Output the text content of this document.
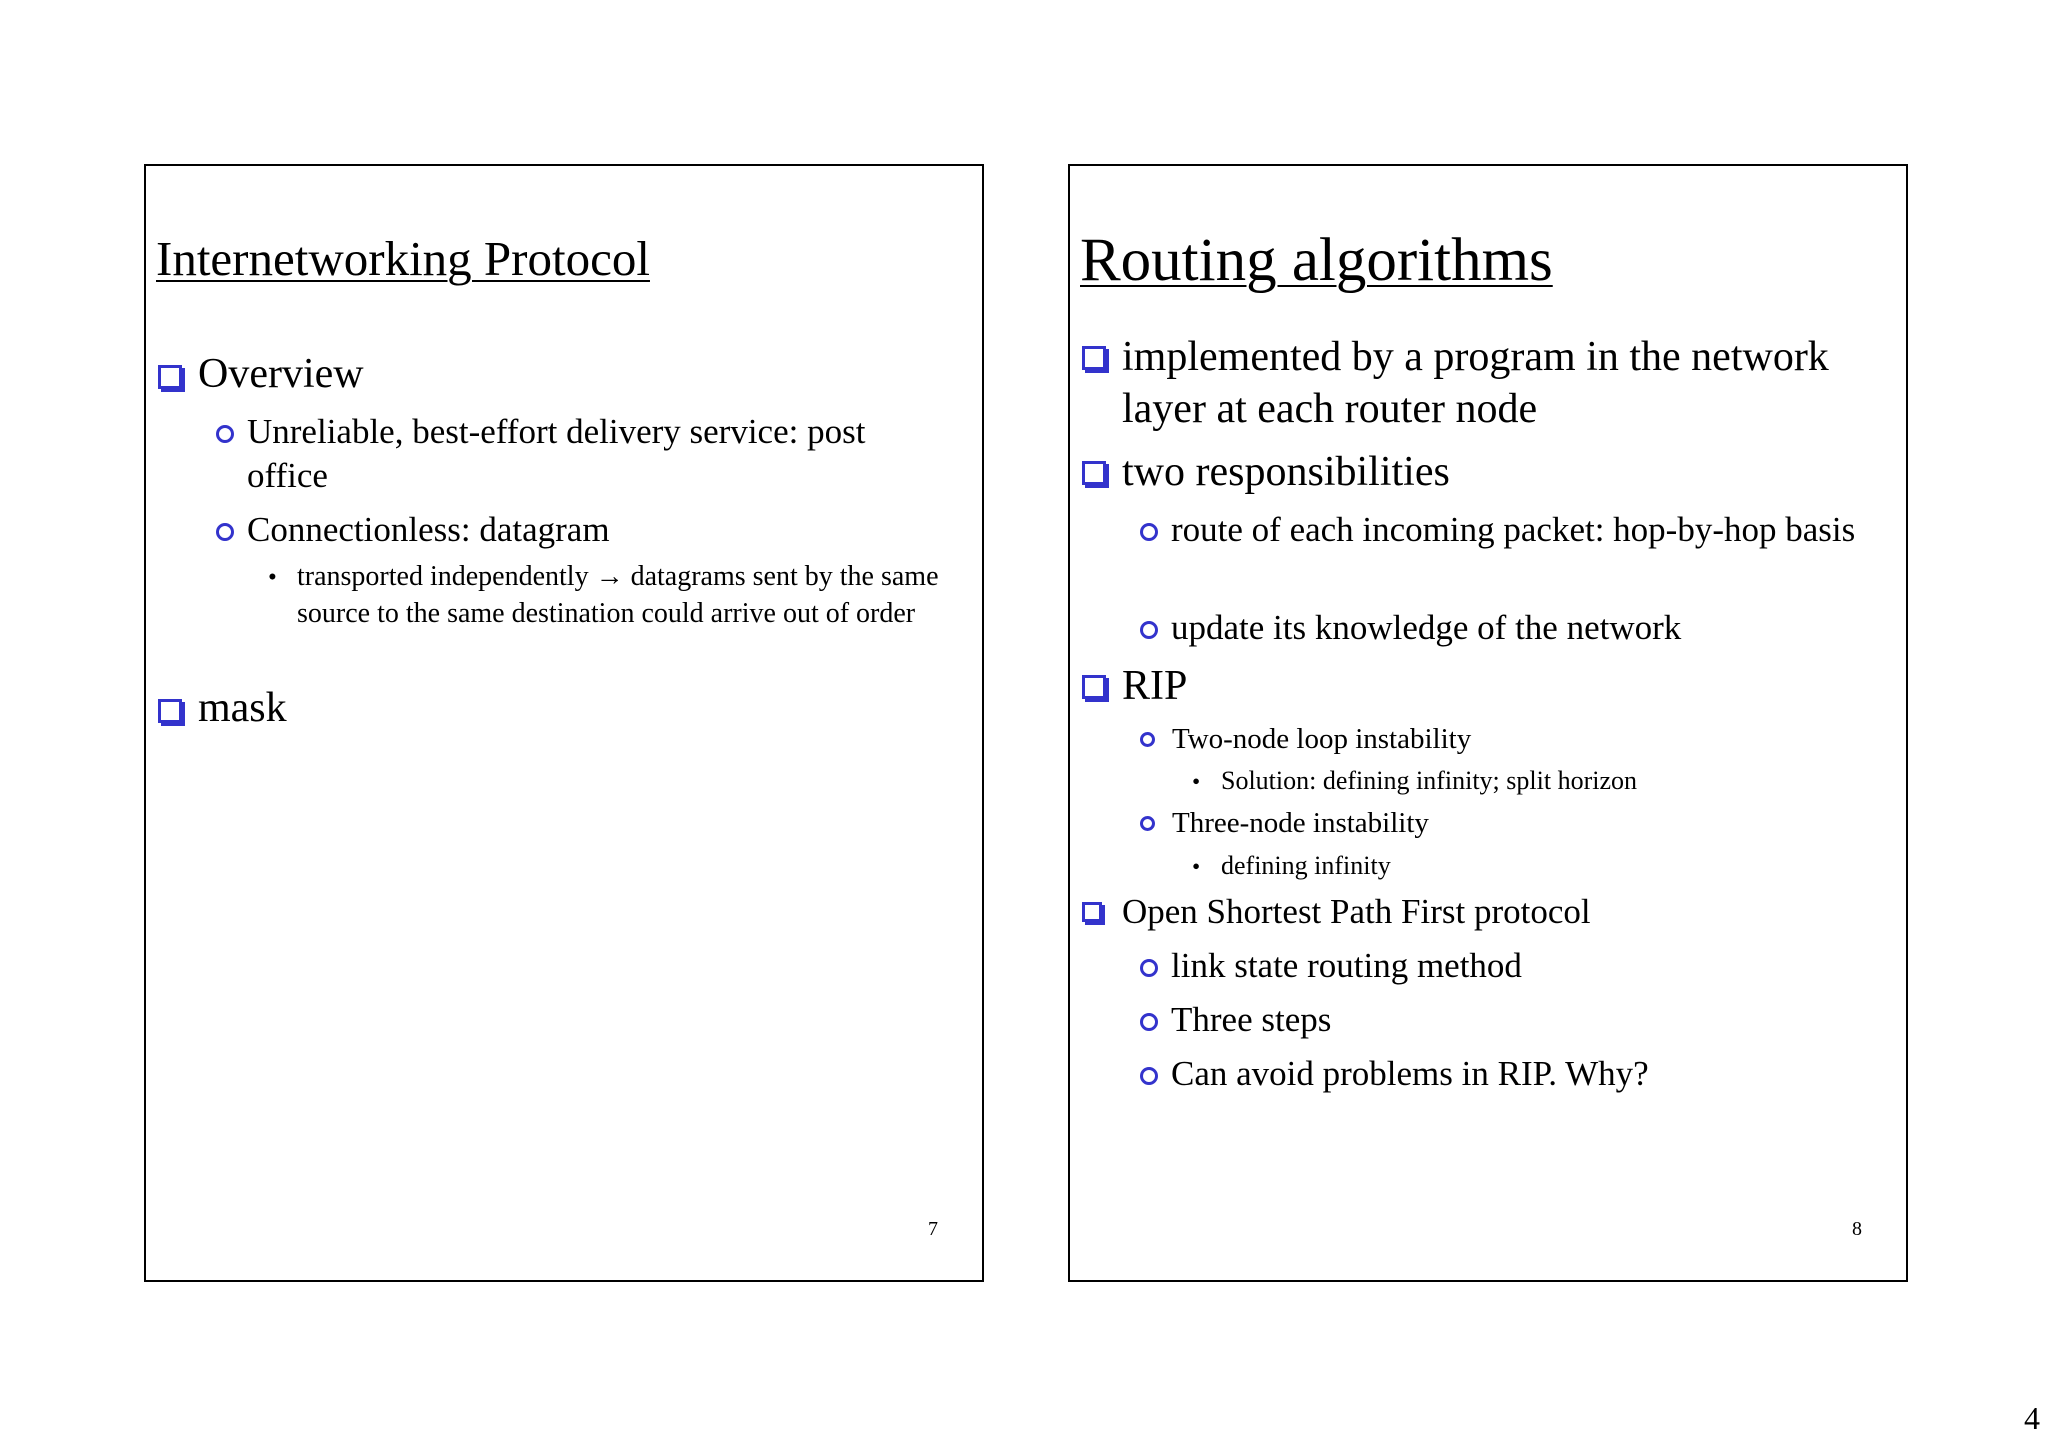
Internetworking Protocol
Overview
Unreliable, best-effort delivery service: post office
Connectionless: datagram
• transported independently → datagrams sent by the same source to the same destination could arrive out of order
mask
7
Routing algorithms
implemented by a program in the network layer at each router node
two responsibilities
route of each incoming packet: hop-by-hop basis
update its knowledge of the network
RIP
Two-node loop instability
• Solution: defining infinity; split horizon
Three-node instability
• defining infinity
Open Shortest Path First protocol
link state routing method
Three steps
Can avoid problems in RIP. Why?
8
4
